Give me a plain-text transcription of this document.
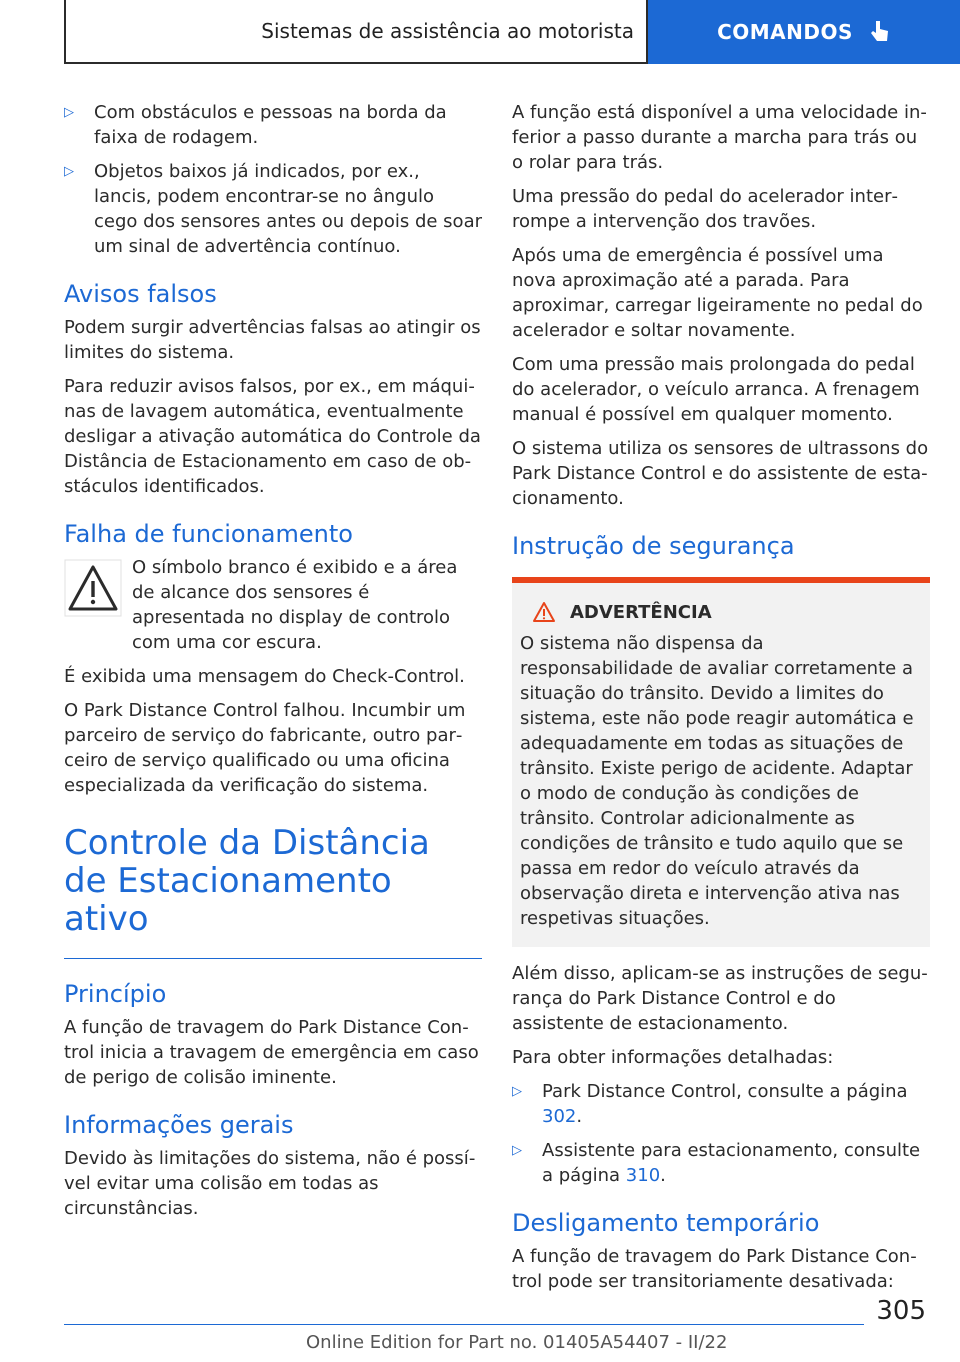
Sistemas de assistência ao motorista	COMANDOS
▷	Com obstáculos e pessoas na borda da faixa de rodagem.
▷	Objetos baixos já indicados, por ex., lancis, podem encontrar-se no ângulo cego dos sensores antes ou depois de soar um sinal de advertência contínuo.
Avisos falsos

Podem surgir advertências falsas ao atingir os limites do sistema.

Para reduzir avisos falsos, por ex., em máquinas de lavagem automática, eventualmente desligar a ativação automática do Controle da Distância de Estacionamento em caso de obstáculos identificados.

Falha de funcionamento

O símbolo branco é exibido e a área de alcance dos sensores é apresentada no display de controlo com uma cor escura.

É exibida uma mensagem do Check-Control.

O Park Distance Control falhou. Incumbir um parceiro de serviço do fabricante, outro parceiro de serviço qualificado ou uma oficina especializada da verificação do sistema.

Controle da Distância de Estacionamento ativo
Princípio

A função de travagem do Park Distance Control inicia a travagem de emergência em caso de perigo de colisão iminente.

Informações gerais

Devido às limitações do sistema, não é possível evitar uma colisão em todas as circunstâncias.

A função está disponível a uma velocidade inferior a passo durante a marcha para trás ou o rolar para trás.

Uma pressão do pedal do acelerador interrompe a intervenção dos travões.

Após uma de emergência é possível uma nova aproximação até a parada. Para aproximar, carregar ligeiramente no pedal do acelerador e soltar novamente.

Com uma pressão mais prolongada do pedal do acelerador, o veículo arranca. A frenagem manual é possível em qualquer momento.

O sistema utiliza os sensores de ultrassons do Park Distance Control e do assistente de estacionamento.

Instrução de segurança
ADVERTÊNCIA

O sistema não dispensa da responsabilidade de avaliar corretamente a situação do trânsito. Devido a limites do sistema, este não pode reagir automática e adequadamente em todas as situações de trânsito. Existe perigo de acidente. Adaptar o modo de condução às condições de trânsito. Controlar adicionalmente as condições de trânsito e tudo aquilo que se passa em redor do veículo através da observação direta e intervenção ativa nas respetivas situações.

Além disso, aplicam-se as instruções de segurança do Park Distance Control e do assistente de estacionamento.

Para obter informações detalhadas:

▷	Park Distance Control, consulte a página 302.
▷	Assistente para estacionamento, consulte a página 310.
Desligamento temporário

A função de travagem do Park Distance Control pode ser transitoriamente desativada:

305
Online Edition for Part no. 01405A54407 - II/22
